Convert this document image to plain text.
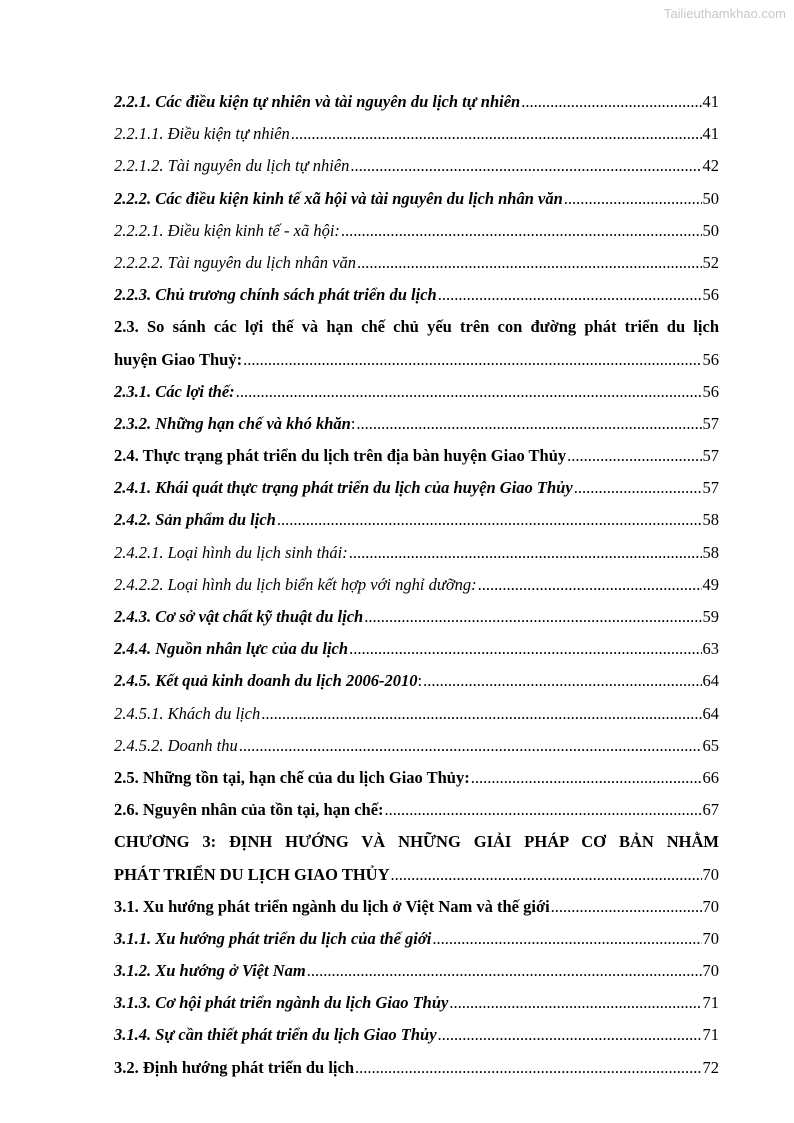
Tailieuthamkhao.com
2.2.1. Các điều kiện tự nhiên và tài nguyên du lịch tự nhiên .....	41
2.2.1.1. Điều kiện tự nhiên .....	41
2.2.1.2. Tài nguyên du lịch tự nhiên .....	42
2.2.2. Các điều kiện kinh tế xã hội và tài nguyên du lịch nhân văn .....	50
2.2.2.1. Điều kiện kinh tế - xã hội: .....	50
2.2.2.2. Tài nguyên du lịch nhân văn .....	52
2.2.3. Chủ trương chính sách phát triển du lịch .....	56
2.3. So sánh các lợi thế và hạn chế chủ yếu trên con đường phát triển du lịch
huyện Giao Thuỷ: .....	56
2.3.1. Các lợi thế: .....	56
2.3.2. Những hạn chế và khó khăn : .....	57
2.4. Thực trạng phát triển du lịch trên địa bàn huyện Giao Thủy .....	57
2.4.1. Khái quát thực trạng phát triển du lịch của huyện Giao Thủy .....	57
2.4.2. Sản phẩm du lịch .....	58
2.4.2.1. Loại hình du lịch sinh thái: .....	58
2.4.2.2. Loại hình du lịch biển kết hợp với nghỉ dưỡng: .....	49
2.4.3. Cơ sở vật chất kỹ thuật du lịch .....	59
2.4.4. Nguồn nhân lực của du lịch .....	63
2.4.5. Kết quả kinh doanh du lịch 2006-2010 : .....	64
2.4.5.1. Khách du lịch .....	64
2.4.5.2. Doanh thu .....	65
2.5. Những tồn tại, hạn chế của du lịch Giao Thủy: .....	66
2.6. Nguyên nhân của tồn tại, hạn chế: .....	67
CHƯƠNG 3: ĐỊNH HƯỚNG VÀ NHỮNG GIẢI PHÁP CƠ BẢN NHẰM
PHÁT TRIỂN DU LỊCH GIAO THỦY .....	70
3.1. Xu hướng phát triển ngành du lịch ở Việt Nam và thế giới .....	70
3.1.1. Xu hướng phát triển du lịch của thế giới .....	70
3.1.2. Xu hướng ở Việt Nam .....	70
3.1.3. Cơ hội phát triển ngành du lịch Giao Thủy .....	71
3.1.4. Sự cần thiết phát triển du lịch Giao Thủy .....	71
3.2. Định hướng phát triển du lịch .....	72
